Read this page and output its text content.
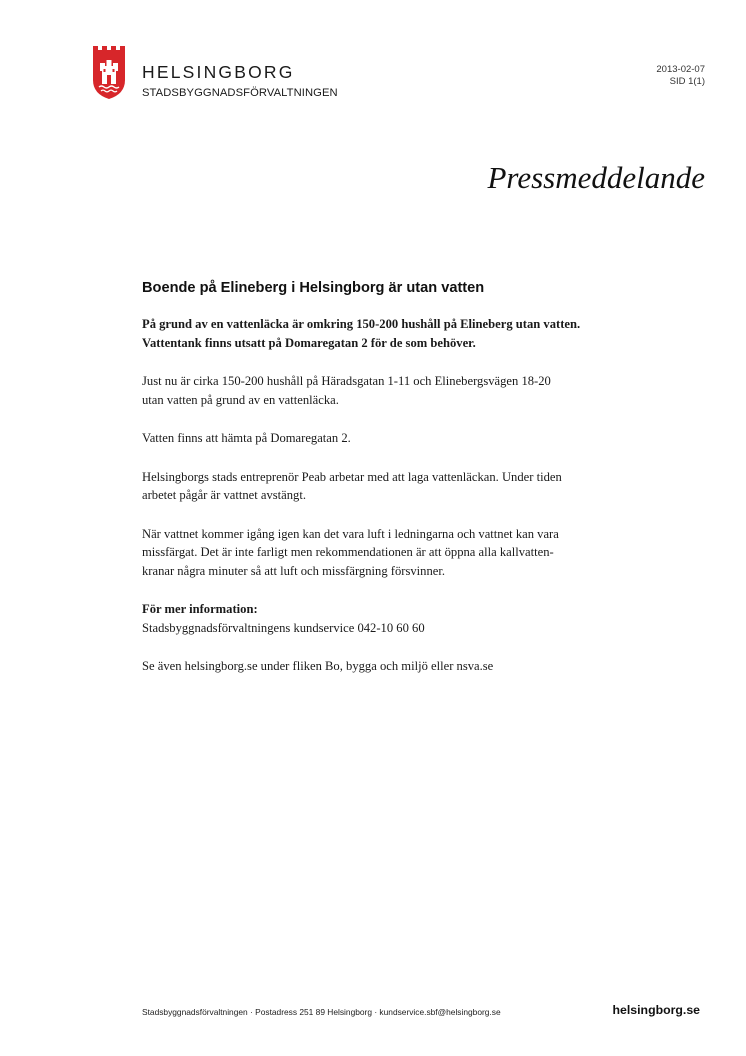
HELSINGBORG
STADSBYGGNADSFÖRVALTNINGEN
2013-02-07
SID 1(1)
Pressmeddelande
Boende på Elineberg i Helsingborg är utan vatten

På grund av en vattenläcka är omkring 150-200 hushåll på Elineberg utan vatten.
Vattentank finns utsatt på Domaregatan 2 för de som behöver.

Just nu är cirka 150-200 hushåll på Häradsgatan 1-11 och Elinebergsvägen 18-20
utan vatten på grund av en vattenläcka.

Vatten finns att hämta på Domaregatan 2.

Helsingborgs stads entreprenör Peab arbetar med att laga vattenläckan. Under tiden
arbetet pågår är vattnet avstängt.

När vattnet kommer igång igen kan det vara luft i ledningarna och vattnet kan vara
missfärgat. Det är inte farligt men rekommendationen är att öppna alla kallvatten-
kranar några minuter så att luft och missfärgning försvinner.

För mer information:
Stadsbyggnadsförvaltningens kundservice 042-10 60 60

Se även helsingborg.se under fliken Bo, bygga och miljö eller nsva.se

Stadsbyggnadsförvaltningen · Postadress 251 89 Helsingborg · kundservice.sbf@helsingborg.se	helsingborg.se
